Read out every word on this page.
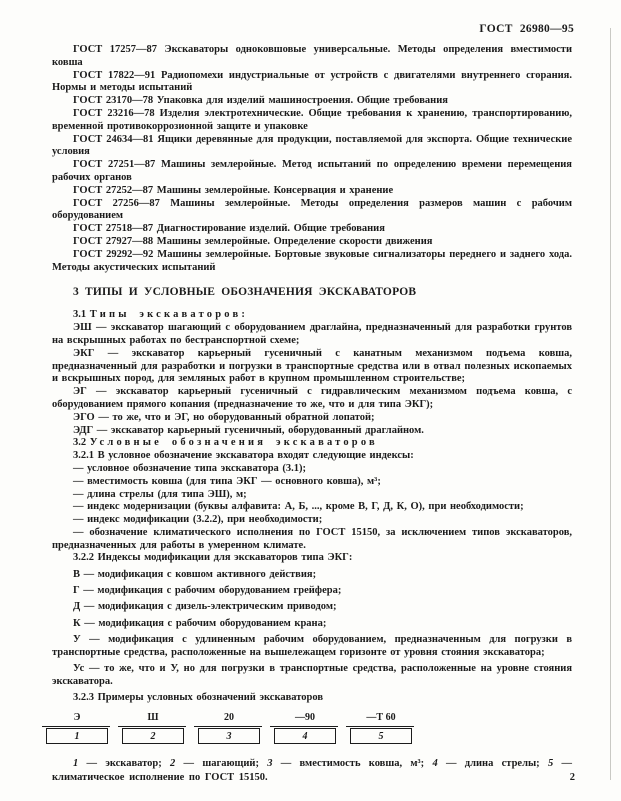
ГОСТ 26980—95

ГОСТ 17257—87 Экскаваторы одноковшовые универсальные. Методы определения вместимости ковша

ГОСТ 17822—91 Радиопомехи индустриальные от устройств с двигателями внутреннего сгорания. Нормы и методы испытаний

ГОСТ 23170—78 Упаковка для изделий машиностроения. Общие требования

ГОСТ 23216—78 Изделия электротехнические. Общие требования к хранению, транспортированию, временной противокоррозионной защите и упаковке

ГОСТ 24634—81 Ящики деревянные для продукции, поставляемой для экспорта. Общие технические условия

ГОСТ 27251—87 Машины землеройные. Метод испытаний по определению времени перемещения рабочих органов

ГОСТ 27252—87 Машины землеройные. Консервация и хранение

ГОСТ 27256—87 Машины землеройные. Методы определения размеров машин с рабочим оборудованием

ГОСТ 27518—87 Диагностирование изделий. Общие требования

ГОСТ 27927—88 Машины землеройные. Определение скорости движения

ГОСТ 29292—92 Машины землеройные. Бортовые звуковые сигнализаторы переднего и заднего хода. Методы акустических испытаний

3 ТИПЫ И УСЛОВНЫЕ ОБОЗНАЧЕНИЯ ЭКСКАВАТОРОВ

3.1 Типы экскаваторов:

ЭШ — экскаватор шагающий с оборудованием драглайна, предназначенный для разработки грунтов на вскрышных работах по бестранспортной схеме;

ЭКГ — экскаватор карьерный гусеничный с канатным механизмом подъема ковша, предназначенный для разработки и погрузки в транспортные средства или в отвал полезных ископаемых и вскрышных пород, для земляных работ в крупном промышленном строительстве;

ЭГ — экскаватор карьерный гусеничный с гидравлическим механизмом подъема ковша, с оборудованием прямого копания (предназначение то же, что и для типа ЭКГ);

ЭГО — то же, что и ЭГ, но оборудованный обратной лопатой;

ЭДГ — экскаватор карьерный гусеничный, оборудованный драглайном.

3.2 Условные обозначения экскаваторов

3.2.1 В условное обозначение экскаватора входят следующие индексы:

— условное обозначение типа экскаватора (3.1);

— вместимость ковша (для типа ЭКГ — основного ковша), м³;

— длина стрелы (для типа ЭШ), м;

— индекс модернизации (буквы алфавита: А, Б, ..., кроме В, Г, Д, К, О), при необходимости;

— индекс модификации (3.2.2), при необходимости;

— обозначение климатического исполнения по ГОСТ 15150, за исключением типов экскаваторов, предназначенных для работы в умеренном климате.

3.2.2 Индексы модификации для экскаваторов типа ЭКГ:

В — модификация с ковшом активного действия;

Г — модификация с рабочим оборудованием грейфера;

Д — модификация с дизель-электрическим приводом;

К — модификация с рабочим оборудованием крана;

У — модификация с удлиненным рабочим оборудованием, предназначенным для погрузки в транспортные средства, расположенные на вышележащем горизонте от уровня стояния экскаватора;

Ус — то же, что и У, но для погрузки в транспортные средства, расположенные на уровне стояния экскаватора.

3.2.3 Примеры условных обозначений экскаваторов

Э
1
Ш
2
20
3
—90
4
—Т 60
5

1 — экскаватор; 2 — шагающий; 3 — вместимость ковша, м³; 4 — длина стрелы; 5 — климатическое исполнение по ГОСТ 15150.	2
